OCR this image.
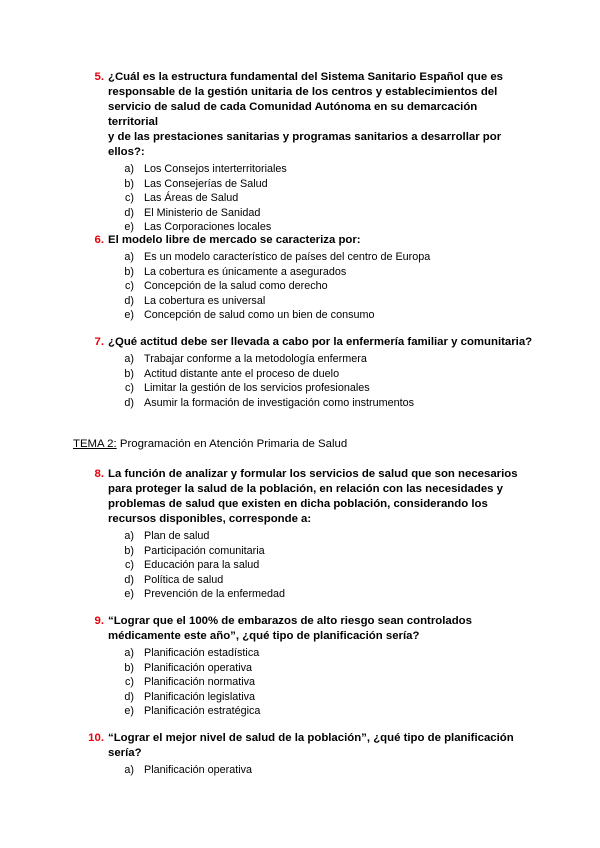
5. ¿Cuál es la estructura fundamental del Sistema Sanitario Español que es
responsable de la gestión unitaria de los centros y establecimientos del
servicio de salud de cada Comunidad Autónoma en su demarcación territorial
y de las prestaciones sanitarias y programas sanitarios a desarrollar por
ellos?:
a) Los Consejos interterritoriales
b) Las Consejerías de Salud
c) Las Áreas de Salud
d) El Ministerio de Sanidad
e) Las Corporaciones locales
6. El modelo libre de mercado se caracteriza por:
a) Es un modelo característico de países del centro de Europa
b) La cobertura es únicamente a asegurados
c) Concepción de la salud como derecho
d) La cobertura es universal
e) Concepción de salud como un bien de consumo
7. ¿Qué actitud debe ser llevada a cabo por la enfermería familiar y comunitaria?
a) Trabajar conforme a la metodología enfermera
b) Actitud distante ante el proceso de duelo
c) Limitar la gestión de los servicios profesionales
d) Asumir la formación de investigación como instrumentos
TEMA 2: Programación en Atención Primaria de Salud
8. La función de analizar y formular los servicios de salud que son necesarios
para proteger la salud de la población, en relación con las necesidades y
problemas de salud que existen en dicha población, considerando los
recursos disponibles, corresponde a:
a) Plan de salud
b) Participación comunitaria
c) Educación para la salud
d) Política de salud
e) Prevención de la enfermedad
9. “Lograr que el 100% de embarazos de alto riesgo sean controlados
médicamente este año”, ¿qué tipo de planificación sería?
a) Planificación estadística
b) Planificación operativa
c) Planificación normativa
d) Planificación legislativa
e) Planificación estratégica
10. “Lograr el mejor nivel de salud de la población”, ¿qué tipo de planificación
sería?
a) Planificación operativa
